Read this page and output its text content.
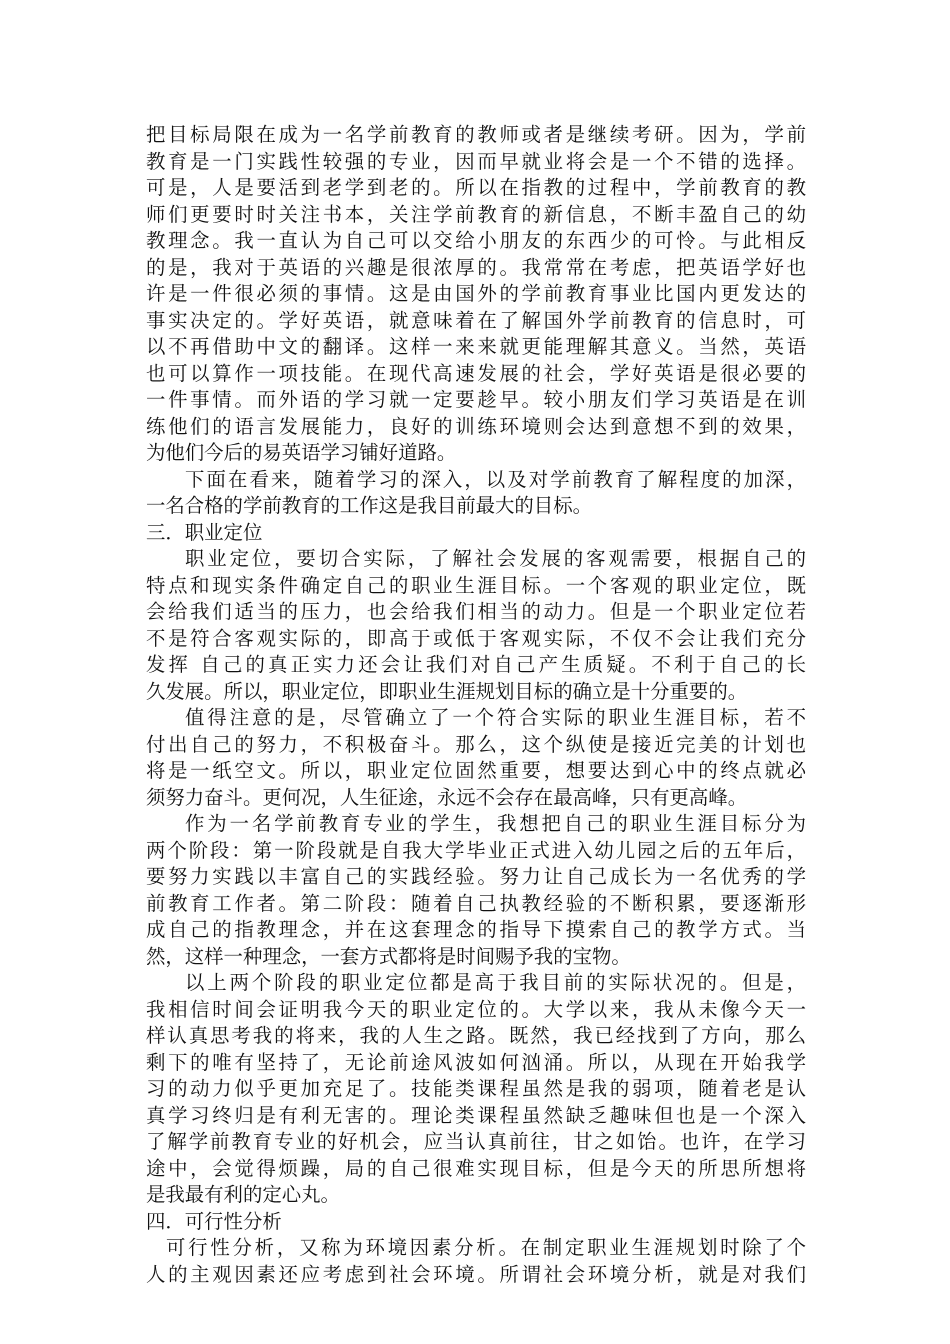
把目标局限在成为一名学前教育的教师或者是继续考研。因为，学前
教育是一门实践性较强的专业，因而早就业将会是一个不错的选择。
可是，人是要活到老学到老的。所以在指教的过程中，学前教育的教
师们更要时时关注书本，关注学前教育的新信息，不断丰盈自己的幼
教理念。我一直认为自己可以交给小朋友的东西少的可怜。与此相反
的是，我对于英语的兴趣是很浓厚的。我常常在考虑，把英语学好也
许是一件很必须的事情。这是由国外的学前教育事业比国内更发达的
事实决定的。学好英语，就意味着在了解国外学前教育的信息时，可
以不再借助中文的翻译。这样一来来就更能理解其意义。当然，英语
也可以算作一项技能。在现代高速发展的社会，学好英语是很必要的
一件事情。而外语的学习就一定要趁早。较小朋友们学习英语是在训
练他们的语言发展能力，良好的训练环境则会达到意想不到的效果，
为他们今后的易英语学习铺好道路。
下面在看来，随着学习的深入，以及对学前教育了解程度的加深，
一名合格的学前教育的工作这是我目前最大的目标。
三．职业定位
职业定位，要切合实际，了解社会发展的客观需要，根据自己的
特点和现实条件确定自己的职业生涯目标。一个客观的职业定位，既
会给我们适当的压力，也会给我们相当的动力。但是一个职业定位若
不是符合客观实际的，即高于或低于客观实际，不仅不会让我们充分
发挥 自己的真正实力还会让我们对自己产生质疑。不利于自己的长
久发展。所以，职业定位，即职业生涯规划目标的确立是十分重要的。
值得注意的是，尽管确立了一个符合实际的职业生涯目标，若不
付出自己的努力，不积极奋斗。那么，这个纵使是接近完美的计划也
将是一纸空文。所以，职业定位固然重要，想要达到心中的终点就必
须努力奋斗。更何况，人生征途，永远不会存在最高峰，只有更高峰。
作为一名学前教育专业的学生，我想把自己的职业生涯目标分为
两个阶段：第一阶段就是自我大学毕业正式进入幼儿园之后的五年后，
要努力实践以丰富自己的实践经验。努力让自己成长为一名优秀的学
前教育工作者。第二阶段：随着自己执教经验的不断积累，要逐渐形
成自己的指教理念，并在这套理念的指导下摸索自己的教学方式。当
然，这样一种理念，一套方式都将是时间赐予我的宝物。
以上两个阶段的职业定位都是高于我目前的实际状况的。但是，
我相信时间会证明我今天的职业定位的。大学以来，我从未像今天一
样认真思考我的将来，我的人生之路。既然，我已经找到了方向，那么
剩下的唯有坚持了，无论前途风波如何汹涌。所以，从现在开始我学
习的动力似乎更加充足了。技能类课程虽然是我的弱项，随着老是认
真学习终归是有利无害的。理论类课程虽然缺乏趣味但也是一个深入
了解学前教育专业的好机会，应当认真前往，甘之如饴。也许，在学习
途中，会觉得烦躁，局的自己很难实现目标，但是今天的所思所想将
是我最有利的定心丸。
四．可行性分析
可行性分析，又称为环境因素分析。在制定职业生涯规划时除了个
人的主观因素还应考虑到社会环境。所谓社会环境分析，就是对我们
